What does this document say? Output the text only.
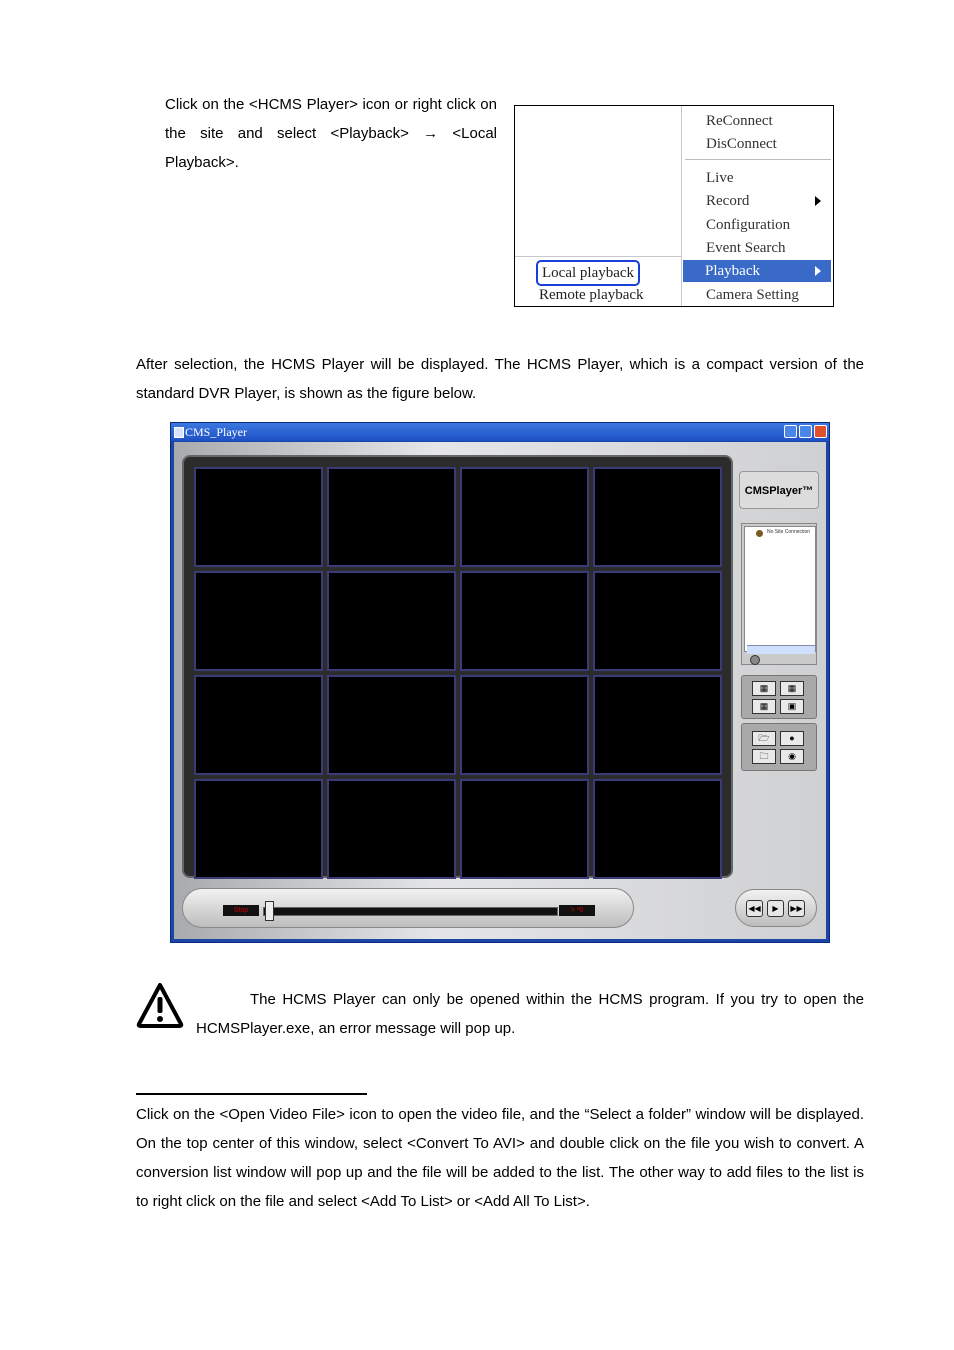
Click on the <HCMS Player> icon or right click on the site and select <Playback> → <Local Playback>.

ReConnect
DisConnect
Live
Record
Configuration
Event Search
Playback
Camera Setting
Local playback
Remote playback

After selection, the HCMS Player will be displayed. The HCMS Player, which is a compact version of the standard DVR Player, is shown as the figure below.

CMS_Player
CMSPlayer™
No Site Connection
▦	▦
▦	▣
🗁	●
🗀	◉
Stop	> *0	◀◀	▶	▶▶

The HCMS Player can only be opened within the HCMS program. If you try to open the HCMSPlayer.exe, an error message will pop up.

Click on the <Open Video File> icon to open the video file, and the “Select a folder” window will be displayed. On the top center of this window, select <Convert To AVI> and double click on the file you wish to convert. A conversion list window will pop up and the file will be added to the list. The other way to add files to the list is to right click on the file and select <Add To List> or <Add All To List>.
